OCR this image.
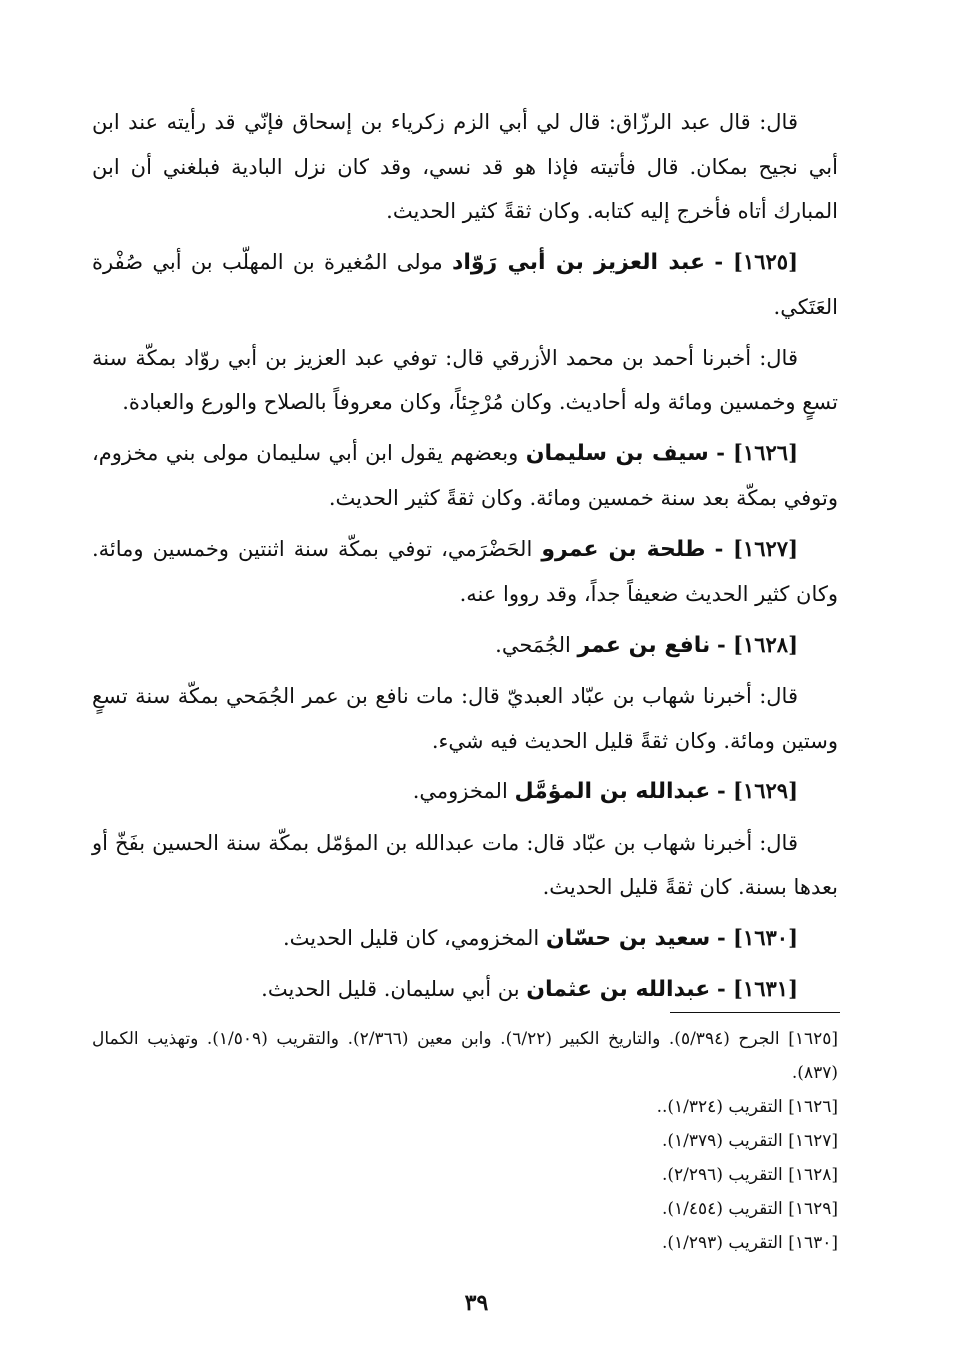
قال: قال عبد الرزّاق: قال لي أبي الزم زكرياء بن إسحاق فإنّي قد رأيته عند ابن أبي نجيح بمكان. قال فأتيته فإذا هو قد نسي، وقد كان نزل البادية فبلغني أن ابن المبارك أتاه فأخرج إليه كتابه. وكان ثقةً كثير الحديث.

[١٦٢٥] - عبد العزيز بن أبي رَوّاد مولى المُغيرة بن المهلّب بن أبي صُفْرة العَتَكي.

قال: أخبرنا أحمد بن محمد الأزرقي قال: توفي عبد العزيز بن أبي روّاد بمكّة سنة تسعٍ وخمسين ومائة وله أحاديث. وكان مُرْجِئاً، وكان معروفاً بالصلاح والورع والعبادة.

[١٦٢٦] - سيف بن سليمان وبعضهم يقول ابن أبي سليمان مولى بني مخزوم، وتوفي بمكّة بعد سنة خمسين ومائة. وكان ثقةً كثير الحديث.

[١٦٢٧] - طلحة بن عمرو الحَضْرَمي، توفي بمكّة سنة اثنتين وخمسين ومائة. وكان كثير الحديث ضعيفاً جداً، وقد رووا عنه.

[١٦٢٨] - نافع بن عمر الجُمَحي.

قال: أخبرنا شهاب بن عبّاد العبديّ قال: مات نافع بن عمر الجُمَحي بمكّة سنة تسعٍ وستين ومائة. وكان ثقةً قليل الحديث فيه شيء.

[١٦٢٩] - عبدالله بن المؤمَّل المخزومي.

قال: أخبرنا شهاب بن عبّاد قال: مات عبدالله بن المؤمّل بمكّة سنة الحسين بفَخّ أو بعدها بسنة. كان ثقةً قليل الحديث.

[١٦٣٠] - سعيد بن حسّان المخزومي، كان قليل الحديث.

[١٦٣١] - عبدالله بن عثمان بن أبي سليمان. قليل الحديث.

[١٦٢٥] الجرح (٥/٣٩٤). والتاريخ الكبير (٦/٢٢). وابن معين (٢/٣٦٦). والتقريب (١/٥٠٩). وتهذيب الكمال (٨٣٧).

[١٦٢٦] التقريب (١/٣٢٤)..

[١٦٢٧] التقريب (١/٣٧٩).

[١٦٢٨] التقريب (٢/٢٩٦).

[١٦٢٩] التقريب (١/٤٥٤).

[١٦٣٠] التقريب (١/٢٩٣).

٣٩
